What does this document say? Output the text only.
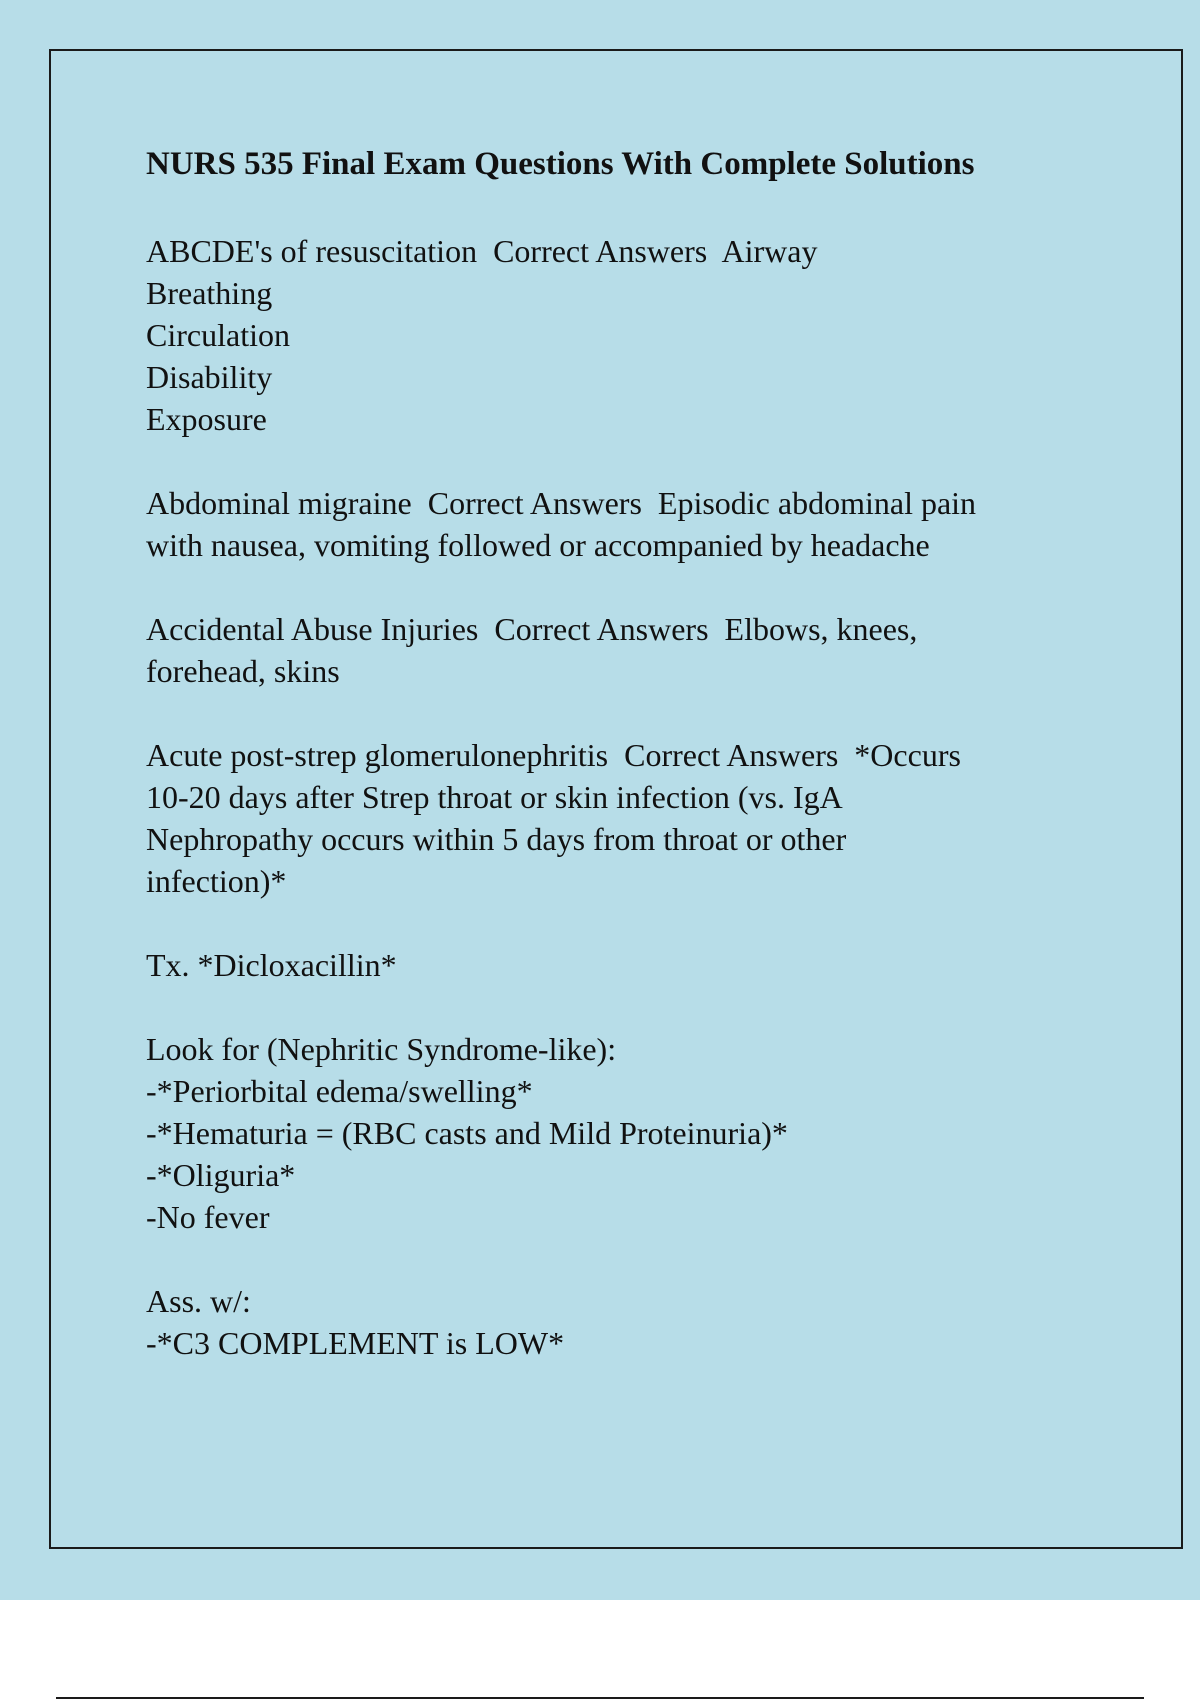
NURS 535 Final Exam Questions With Complete Solutions
ABCDE's of resuscitation  Correct Answers  Airway
Breathing
Circulation
Disability
Exposure
Abdominal migraine  Correct Answers  Episodic abdominal pain
with nausea, vomiting followed or accompanied by headache
Accidental Abuse Injuries  Correct Answers  Elbows, knees,
forehead, skins
Acute post-strep glomerulonephritis  Correct Answers  *Occurs
10-20 days after Strep throat or skin infection (vs. IgA
Nephropathy occurs within 5 days from throat or other
infection)*
Tx. *Dicloxacillin*
Look for (Nephritic Syndrome-like):
-*Periorbital edema/swelling*
-*Hematuria = (RBC casts and Mild Proteinuria)*
-*Oliguria*
-No fever
Ass. w/:
-*C3 COMPLEMENT is LOW*
